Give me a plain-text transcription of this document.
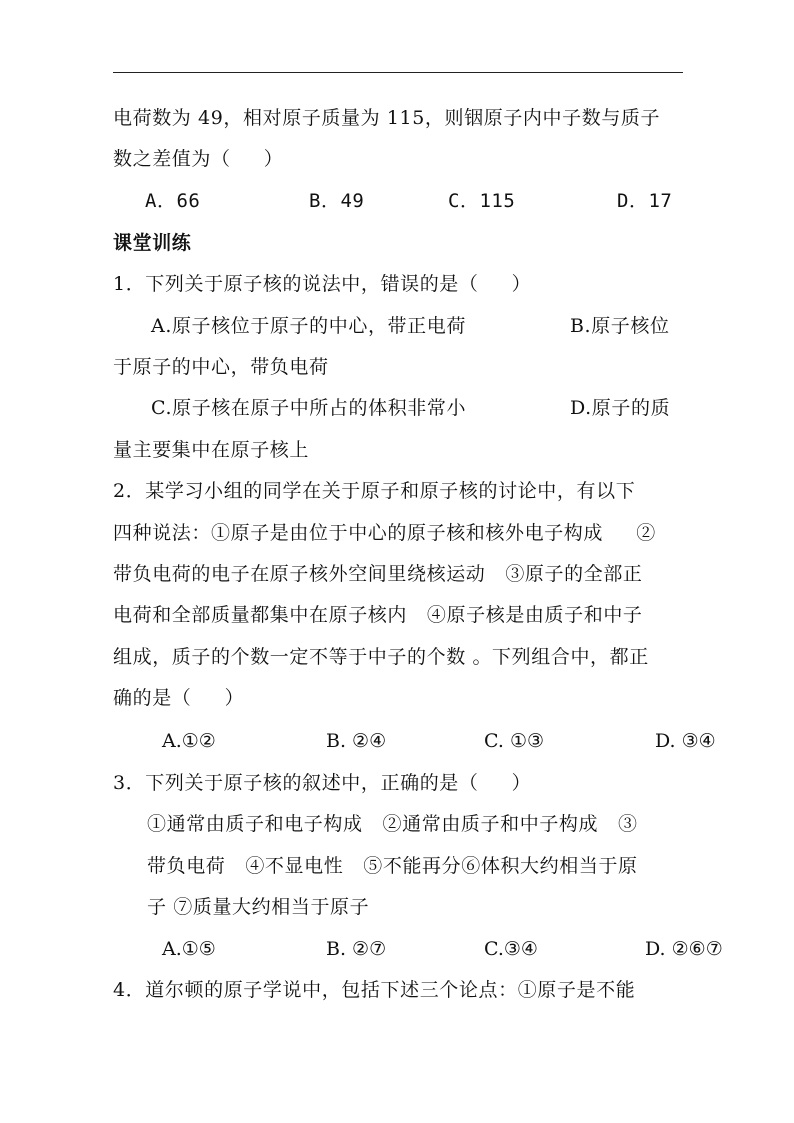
电荷数为 49，相对原子质量为 115，则铟原子内中子数与质子
数之差值为（     ）
A．66	B．49	C．115	D．17
课堂训练
1．下列关于原子核的说法中，错误的是（     ）
A.原子核位于原子的中心，带正电荷	B.原子核位
于原子的中心，带负电荷
C.原子核在原子中所占的体积非常小	D.原子的质
量主要集中在原子核上
2．某学习小组的同学在关于原子和原子核的讨论中，有以下
四种说法：①原子是由位于中心的原子核和核外电子构成     ②
带负电荷的电子在原子核外空间里绕核运动   ③原子的全部正
电荷和全部质量都集中在原子核内   ④原子核是由质子和中子
组成，质子的个数一定不等于中子的个数 。下列组合中，都正
确的是（     ）
A.①②	B. ②④	C. ①③	D. ③④
3．下列关于原子核的叙述中，正确的是（     ）
①通常由质子和电子构成   ②通常由质子和中子构成   ③
带负电荷   ④不显电性   ⑤不能再分⑥体积大约相当于原
子 ⑦质量大约相当于原子
A.①⑤	B. ②⑦	C.③④	D. ②⑥⑦
4．道尔顿的原子学说中，包括下述三个论点：①原子是不能
